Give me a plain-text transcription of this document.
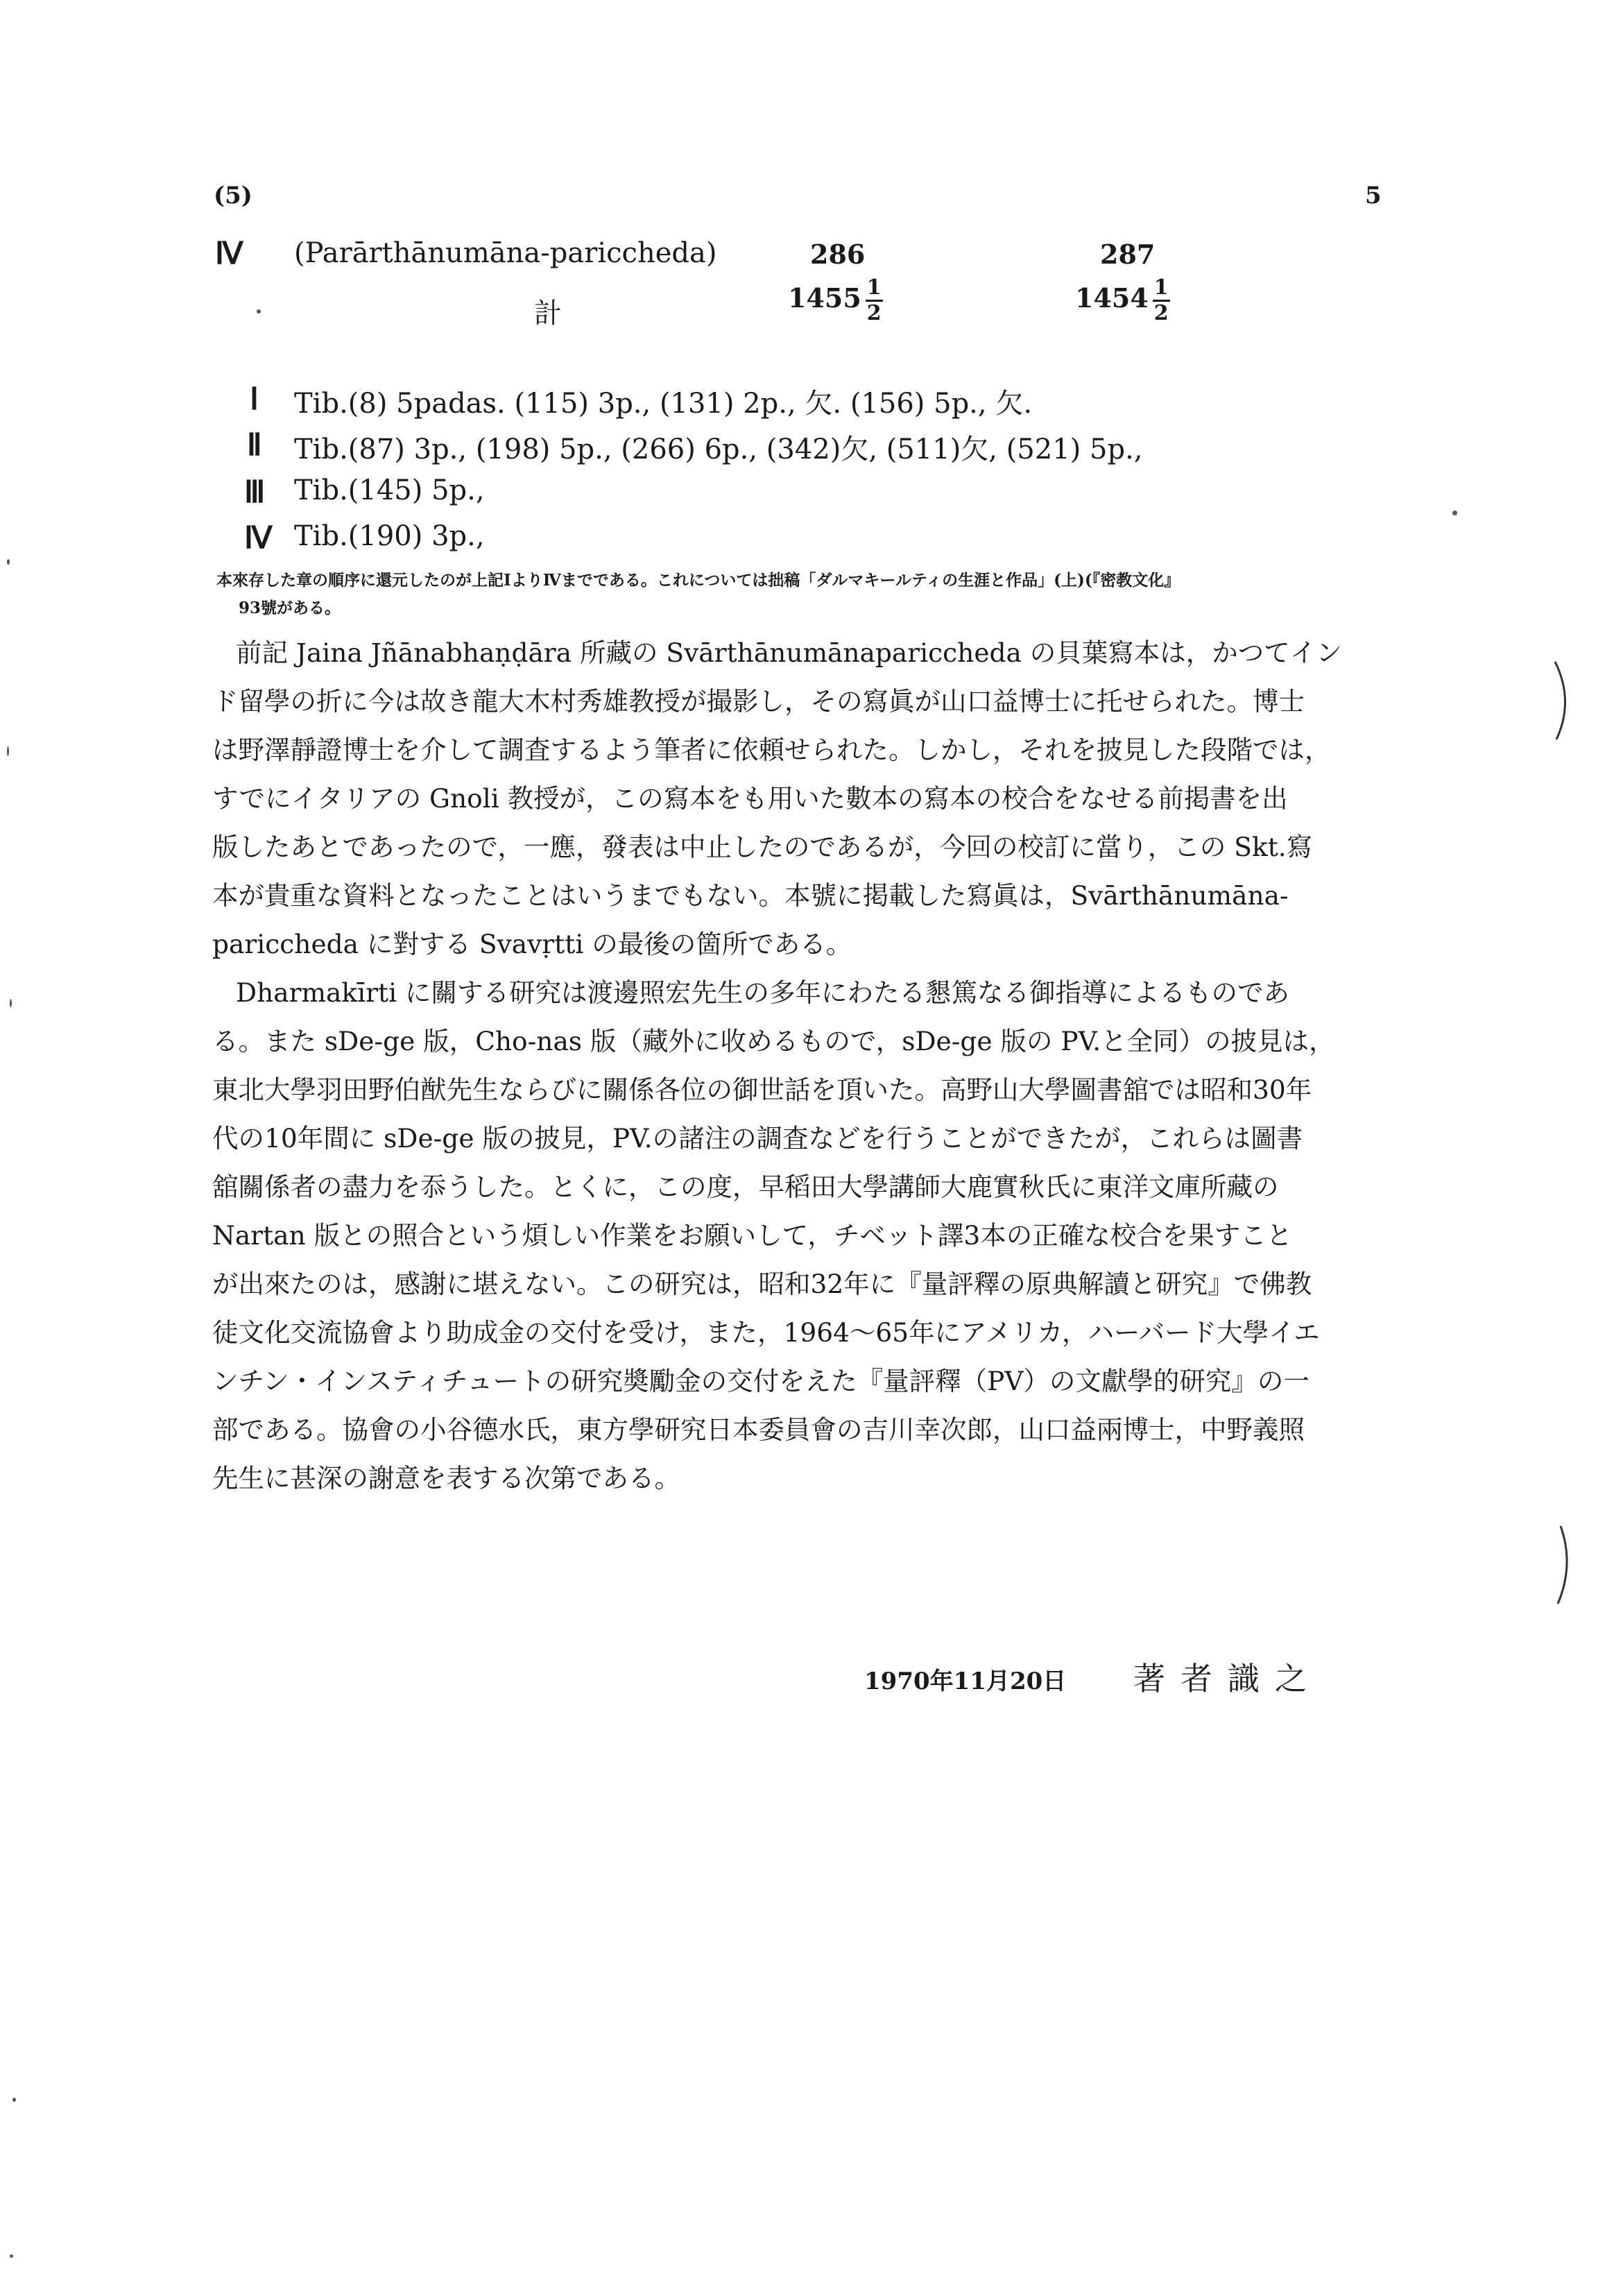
(5)	5
Ⅳ (Parārthānumāna-pariccheda)	286	287
計	$1455 \frac{1}{2}$	$1454 \frac{1}{2}$
Ⅰ Tib.(8) 5padas. (115) 3p., (131) 2p., 欠. (156) 5p., 欠.
Ⅱ Tib.(87) 3p., (198) 5p., (266) 6p., (342)欠, (511)欠, (521) 5p.,
Ⅲ Tib.(145) 5p.,
Ⅳ Tib.(190) 3p.,
本來存した章の順序に還元したのが上記ⅠよりⅣまでである。これについては拙稿「ダルマキールティの生涯と作品」(上)(『密教文化』
93號がある。
前記 Jaina Jñānabhaṇḍāra 所藏の Svārthānumānapariccheda の貝葉寫本は，かつてイン
ド留學の折に今は故き龍大木村秀雄教授が撮影し，その寫眞が山口益博士に托せられた。博士
は野澤靜證博士を介して調査するよう筆者に依頼せられた。しかし，それを披見した段階では，
すでにイタリアの Gnoli 教授が，この寫本をも用いた數本の寫本の校合をなせる前掲書を出
版したあとであったので，一應，發表は中止したのであるが，今回の校訂に當り，この Skt.寫
本が貴重な資料となったことはいうまでもない。本號に掲載した寫眞は，Svārthānumāna-
pariccheda に對する Svavṛtti の最後の箇所である。
Dharmakīrti に關する研究は渡邊照宏先生の多年にわたる懇篤なる御指導によるものであ
る。また sDe-ge 版，Cho-nas 版（藏外に收めるもので，sDe-ge 版の PV.と全同）の披見は，
東北大學羽田野伯猷先生ならびに關係各位の御世話を頂いた。高野山大學圖書舘では昭和30年
代の10年間に sDe-ge 版の披見，PV.の諸注の調査などを行うことができたが，これらは圖書
舘關係者の盡力を忝うした。とくに，この度，早稻田大學講師大鹿實秋氏に東洋文庫所藏の
Nartan 版との照合という煩しい作業をお願いして，チベット譯3本の正確な校合を果すこと
が出來たのは，感謝に堪えない。この研究は，昭和32年に『量評釋の原典解讀と研究』で佛教
徒文化交流協會より助成金の交付を受け，また，1964〜65年にアメリカ，ハーバード大學イエ
ンチン・インスティチュートの研究奬勵金の交付をえた『量評釋（PV）の文獻學的研究』の一
部である。協會の小谷德水氏，東方學研究日本委員會の吉川幸次郎，山口益兩博士，中野義照
先生に甚深の謝意を表する次第である。
1970年11月20日 著者識之
